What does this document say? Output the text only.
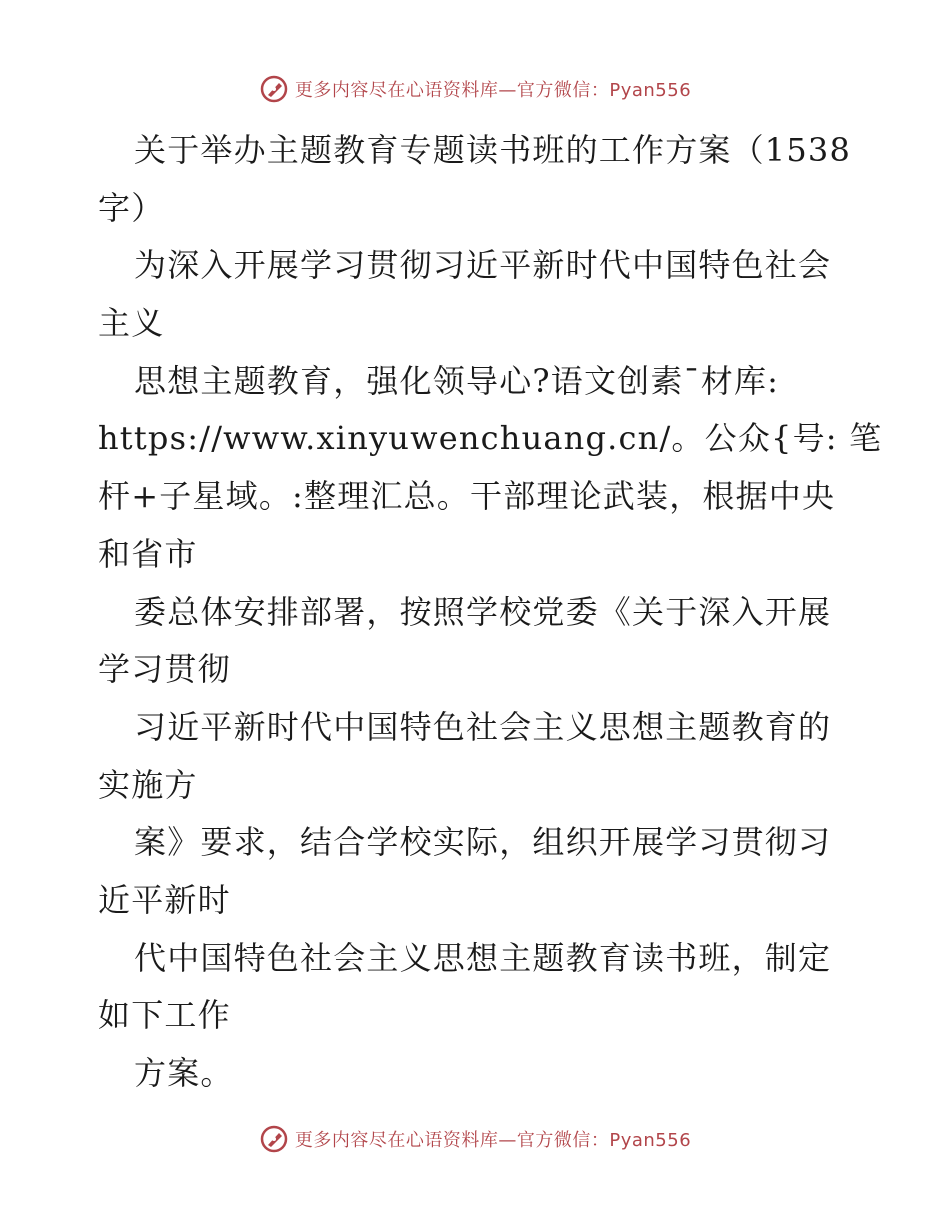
更多内容尽在心语资料库—官方微信：Pyan556
关于举办主题教育专题读书班的工作方案（1538
字）
为深入开展学习贯彻习近平新时代中国特色社会
主义
思想主题教育，强化领导心?语文创素¯材库:
https://www.xinyuwenchuang.cn/。公众{号: 笔
杆+子星域。:整理汇总。干部理论武装，根据中央
和省市
委总体安排部署，按照学校党委《关于深入开展
学习贯彻
习近平新时代中国特色社会主义思想主题教育的
实施方
案》要求，结合学校实际，组织开展学习贯彻习
近平新时
代中国特色社会主义思想主题教育读书班，制定
如下工作
方案。
更多内容尽在心语资料库—官方微信：Pyan556
